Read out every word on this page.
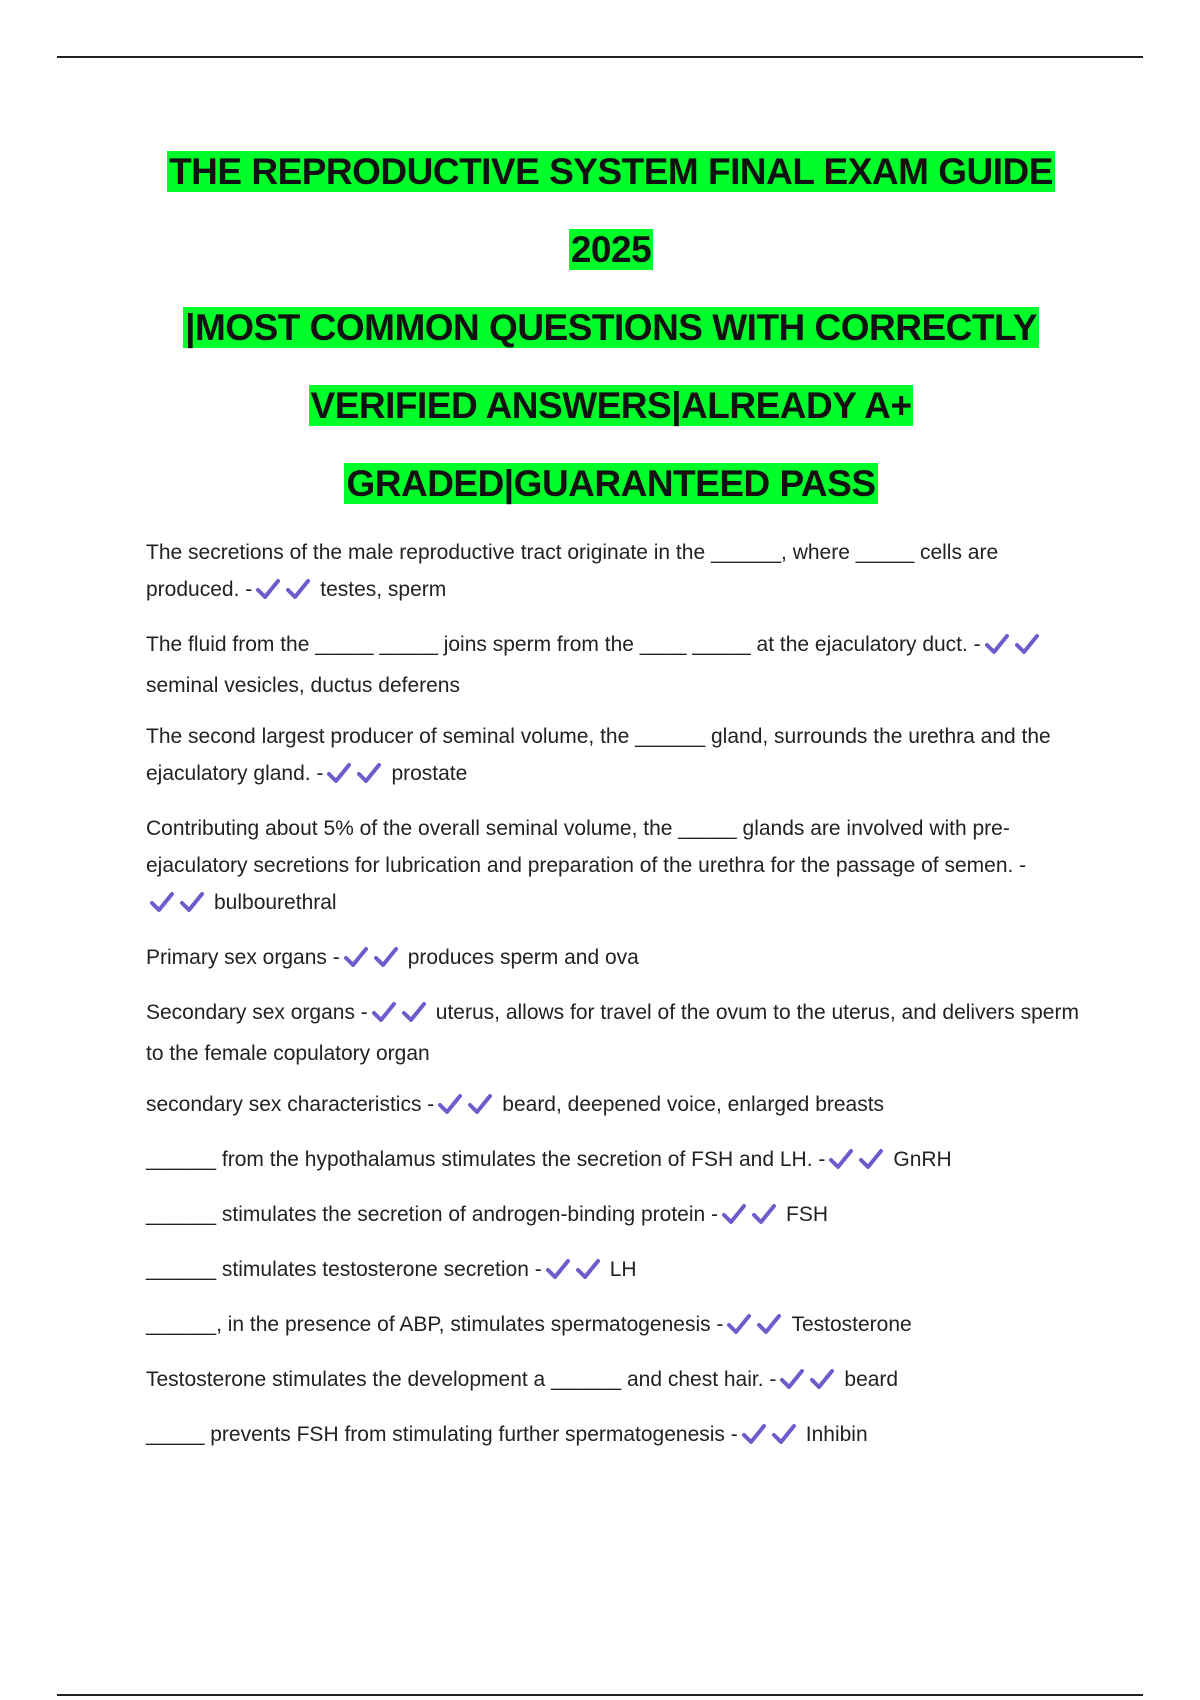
THE REPRODUCTIVE SYSTEM FINAL EXAM GUIDE
2025
|MOST COMMON QUESTIONS WITH CORRECTLY
VERIFIED ANSWERS|ALREADY A+
GRADED|GUARANTEED PASS
The secretions of the male reproductive tract originate in the ______, where _____ cells are produced. -	testes, sperm
The fluid from the _____ _____ joins sperm from the ____ _____ at the ejaculatory duct. -
seminal vesicles, ductus deferens
The second largest producer of seminal volume, the ______ gland, surrounds the urethra and the ejaculatory gland. -	prostate
Contributing about 5% of the overall seminal volume, the _____ glands are involved with pre-ejaculatory secretions for lubrication and preparation of the urethra for the passage of semen. -
bulbourethral
Primary sex organs -	produces sperm and ova
Secondary sex organs -	uterus, allows for travel of the ovum to the uterus, and delivers sperm to the female copulatory organ
secondary sex characteristics -	beard, deepened voice, enlarged breasts
______ from the hypothalamus stimulates the secretion of FSH and LH. -	GnRH
______ stimulates the secretion of androgen-binding protein -	FSH
______ stimulates testosterone secretion -	LH
______, in the presence of ABP, stimulates spermatogenesis -	Testosterone
Testosterone stimulates the development a ______ and chest hair. -	beard
_____ prevents FSH from stimulating further spermatogenesis -	Inhibin
